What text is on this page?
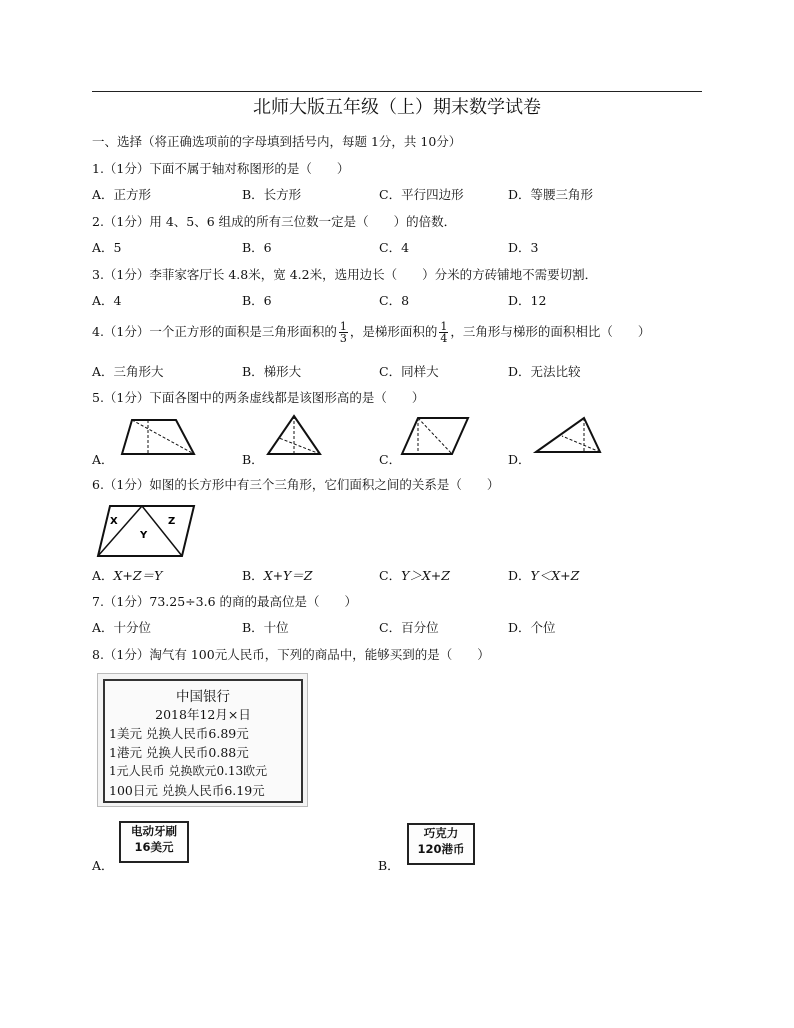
北师大版五年级（上）期末数学试卷
一、选择（将正确选项前的字母填到括号内，每题 1分，共 10分）
1.（1分）下面不属于轴对称图形的是（　　）
A．正方形	B．长方形	C．平行四边形	D．等腰三角形
2.（1分）用 4、5、6 组成的所有三位数一定是（　　）的倍数．
A．5	B．6	C．4	D．3
3.（1分）李菲家客厅长 4.8米，宽 4.2米，选用边长（　　）分米的方砖铺地不需要切割．
A．4	B．6	C．8	D．12
4.（1分）一个正方形的面积是三角形面积的 $\frac{1}{3}$ ，是梯形面积的 $\frac{1}{4}$ ，三角形与梯形的面积相比（　　）
A．三角形大	B．梯形大	C．同样大	D．无法比较
5.（1分）下面各图中的两条虚线都是该图形高的是（　　）
A．	B．	C．	D．
6.（1分）如图的长方形中有三个三角形，它们面积之间的关系是（　　）
X
Y
Z
A．X+Z＝Y	B．X+Y＝Z	C．Y＞X+Z	D．Y＜X+Z
7.（1分）73.25÷3.6 的商的最高位是（　　）
A．十分位	B．十位	C．百分位	D．个位
8.（1分）淘气有 100元人民币，下列的商品中，能够买到的是（　　）
中国银行
2018年12月×日
1美元 兑换人民币6.89元
1港元 兑换人民币0.88元
1元人民币 兑换欧元0.13欧元
100日元 兑换人民币6.19元
A．
电动牙刷
16美元
B．
巧克力
120港币
